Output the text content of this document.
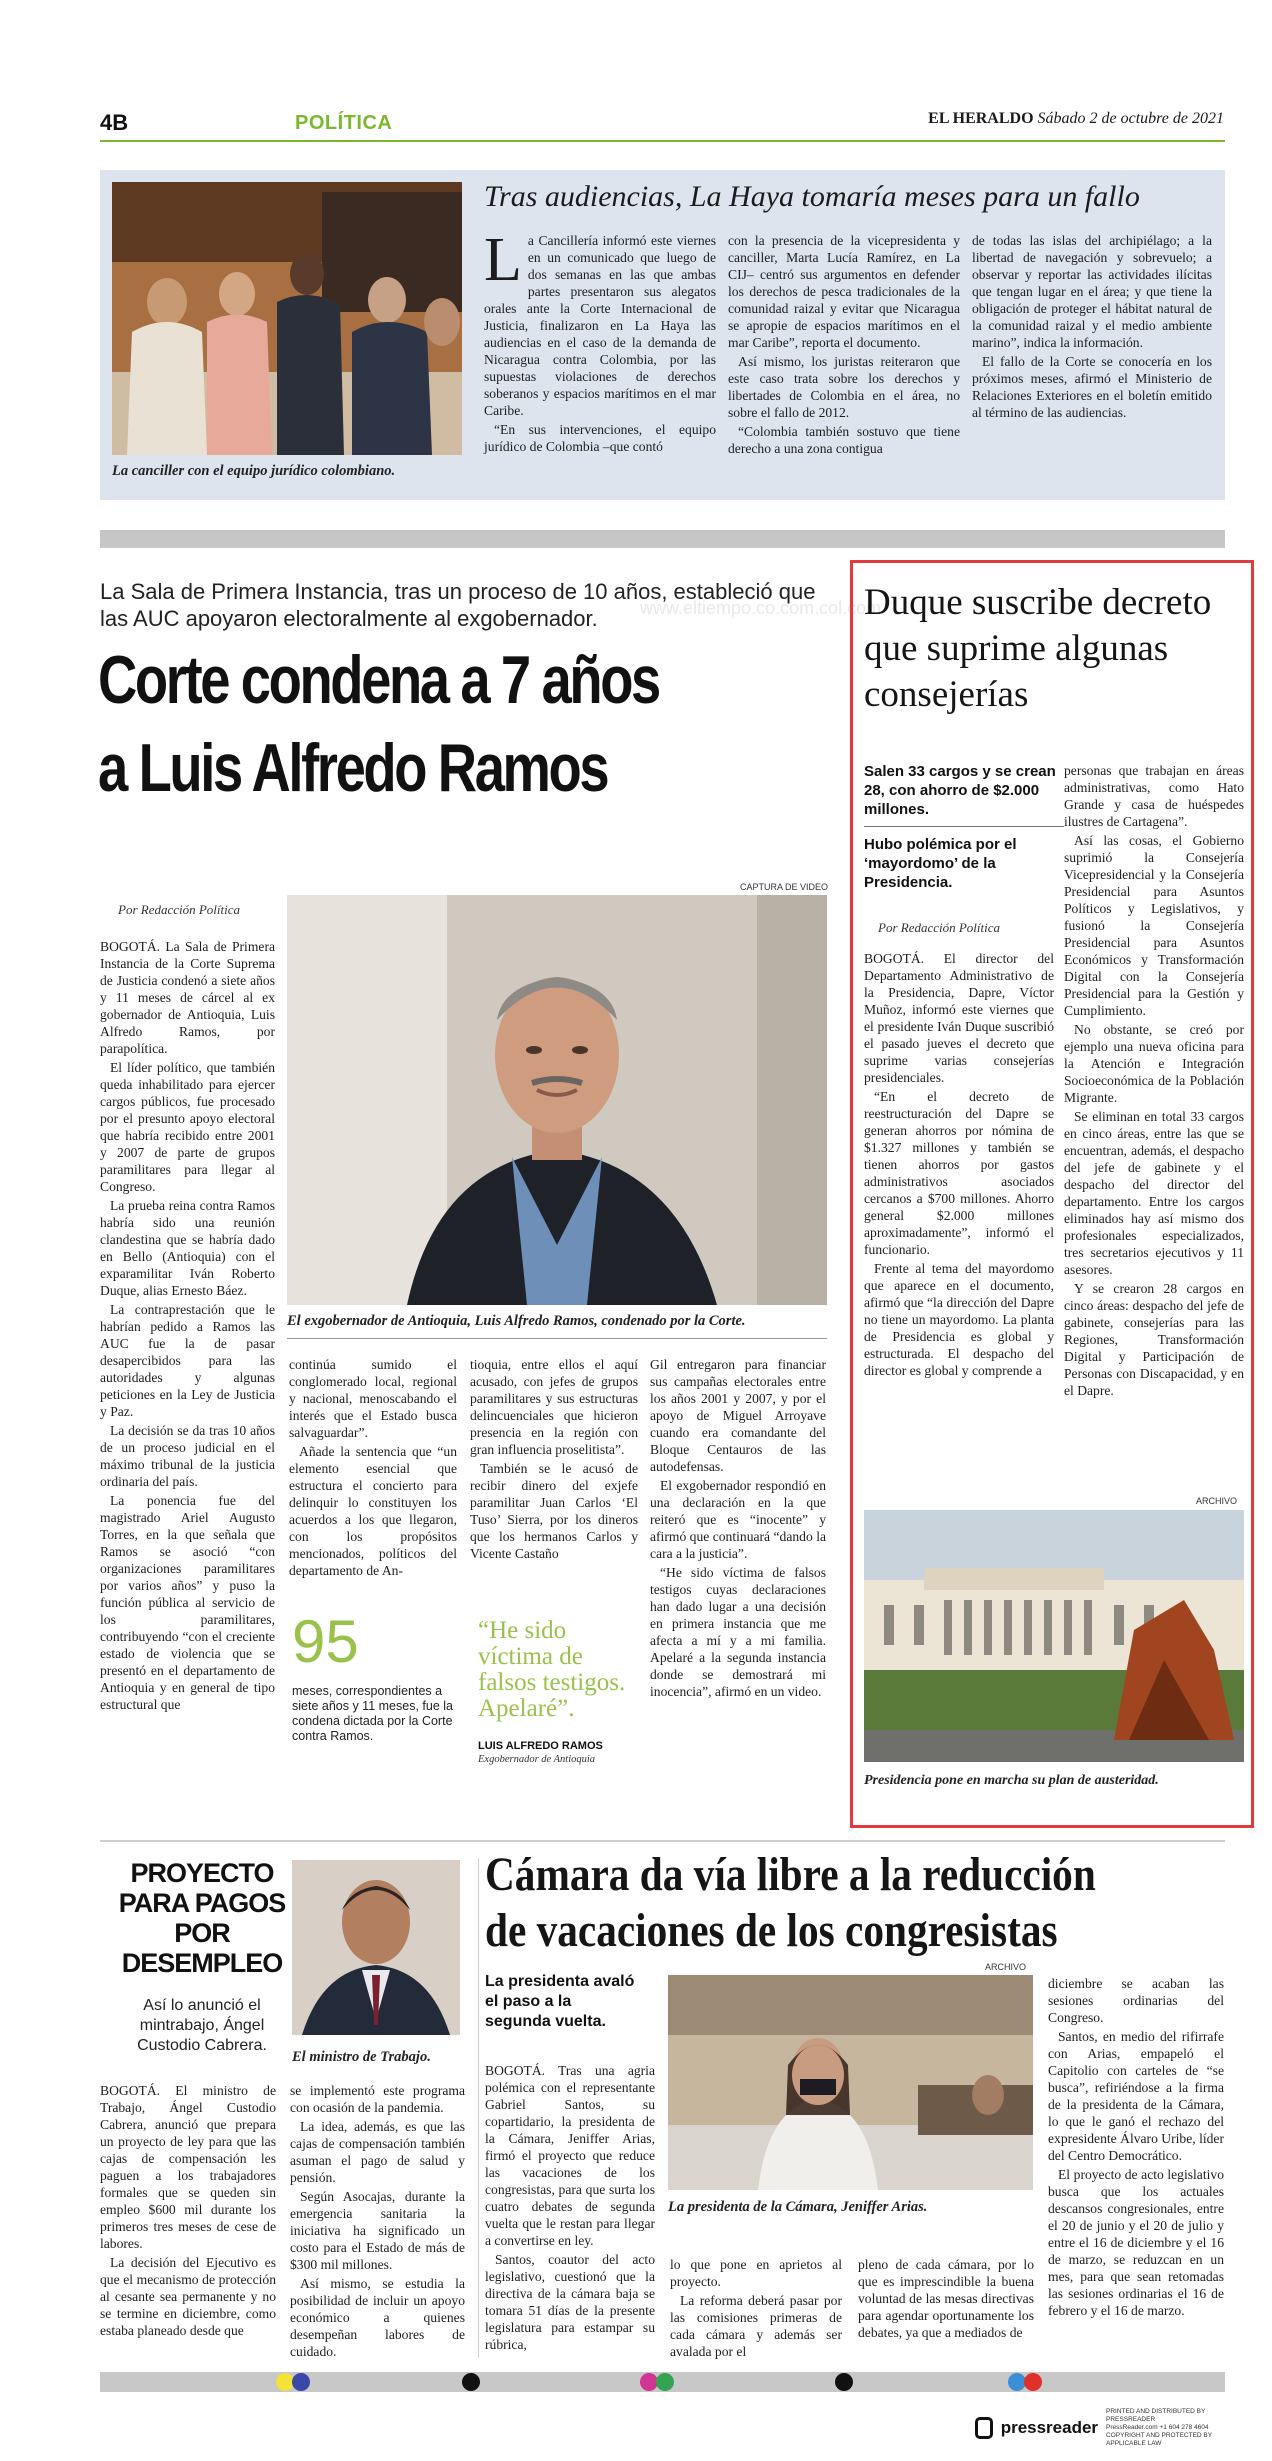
4B	POLÍTICA	EL HERALDO Sábado 2 de octubre de 2021
La canciller con el equipo jurídico colombiano.
Tras audiencias, La Haya tomaría meses para un fallo
L a Cancillería informó este viernes en un comunicado que luego de dos semanas en las que ambas partes presentaron sus alegatos orales ante la Corte Internacional de Justicia, finalizaron en La Haya las audiencias en el caso de la demanda de Nicaragua contra Colombia, por las supuestas violaciones de derechos soberanos y espacios marítimos en el mar Caribe.

“En sus intervenciones, el equipo jurídico de Colombia –que contó

con la presencia de la vicepresidenta y canciller, Marta Lucía Ramírez, en La CIJ– centró sus argumentos en defender los derechos de pesca tradicionales de la comunidad raizal y evitar que Nicaragua se apropie de espacios marítimos en el mar Caribe”, reporta el documento.

Así mismo, los juristas reiteraron que este caso trata sobre los derechos y libertades de Colombia en el área, no sobre el fallo de 2012.

“Colombia también sostuvo que tiene derecho a una zona contigua

de todas las islas del archipiélago; a la libertad de navegación y sobrevuelo; a observar y reportar las actividades ilícitas que tengan lugar en el área; y que tiene la obligación de proteger el hábitat natural de la comunidad raizal y el medio ambiente marino”, indica la información.

El fallo de la Corte se conocería en los próximos meses, afirmó el Ministerio de Relaciones Exteriores en el boletín emitido al término de las audiencias.

La Sala de Primera Instancia, tras un proceso de 10 años, estableció que las AUC apoyaron electoralmente al exgobernador.
Corte condena a 7 años
a Luis Alfredo Ramos
Por Redacción Política
CAPTURA DE VIDEO
El exgobernador de Antioquia, Luis Alfredo Ramos, condenado por la Corte.

BOGOTÁ. La Sala de Primera Instancia de la Corte Suprema de Justicia condenó a siete años y 11 meses de cárcel al ex gobernador de Antioquia, Luis Alfredo Ramos, por parapolítica.

El líder político, que también queda inhabilitado para ejercer cargos públicos, fue procesado por el presunto apoyo electoral que habría recibido entre 2001 y 2007 de parte de grupos paramilitares para llegar al Congreso.

La prueba reina contra Ramos habría sido una reunión clandestina que se habría dado en Bello (Antioquia) con el exparamilitar Iván Roberto Duque, alias Ernesto Báez.

La contraprestación que le habrían pedido a Ramos las AUC fue la de pasar desapercibidos para las autoridades y algunas peticiones en la Ley de Justicia y Paz.

La decisión se da tras 10 años de un proceso judicial en el máximo tribunal de la justicia ordinaria del país.

La ponencia fue del magistrado Ariel Augusto Torres, en la que señala que Ramos se asoció “con organizaciones paramilitares por varios años” y puso la función pública al servicio de los paramilitares, contribuyendo “con el creciente estado de violencia que se presentó en el departamento de Antioquia y en general de tipo estructural que

continúa sumido el conglomerado local, regional y nacional, menoscabando el interés que el Estado busca salvaguardar”.

Añade la sentencia que “un elemento esencial que estructura el concierto para delinquir lo constituyen los acuerdos a los que llegaron, con los propósitos mencionados, políticos del departamento de An-

tioquia, entre ellos el aquí acusado, con jefes de grupos paramilitares y sus estructuras delincuenciales que hicieron presencia en la región con gran influencia proselitista”.

También se le acusó de recibir dinero del exjefe paramilitar Juan Carlos ‘El Tuso’ Sierra, por los dineros que los hermanos Carlos y Vicente Castaño

Gil entregaron para financiar sus campañas electorales entre los años 2001 y 2007, y por el apoyo de Miguel Arroyave cuando era comandante del Bloque Centauros de las autodefensas.

El exgobernador respondió en una declaración en la que reiteró que es “inocente” y afirmó que continuará “dando la cara a la justicia”.

“He sido víctima de falsos testigos cuyas declaraciones han dado lugar a una decisión en primera instancia que me afecta a mí y a mi familia. Apelaré a la segunda instancia donde se demostrará mi inocencia”, afirmó en un video.

95
meses, correspondientes a siete años y 11 meses, fue la condena dictada por la Corte contra Ramos.
“He sido víctima de falsos testigos. Apelaré”.
LUIS ALFREDO RAMOS
Exgobernador de Antioquia
www.eltiempo.co.com.col.com
Duque suscribe decreto que suprime algunas consejerías
Salen 33 cargos y se crean 28, con ahorro de $2.000 millones.
Hubo polémica por el ‘mayordomo’ de la Presidencia.
Por Redacción Política

BOGOTÁ. El director del Departamento Administrativo de la Presidencia, Dapre, Víctor Muñoz, informó este viernes que el presidente Iván Duque suscribió el pasado jueves el decreto que suprime varias consejerías presidenciales.

“En el decreto de reestructuración del Dapre se generan ahorros por nómina de $1.327 millones y también se tienen ahorros por gastos administrativos asociados cercanos a $700 millones. Ahorro general $2.000 millones aproximadamente”, informó el funcionario.

Frente al tema del mayordomo que aparece en el documento, afirmó que “la dirección del Dapre no tiene un mayordomo. La planta de Presidencia es global y estructurada. El despacho del director es global y comprende a

personas que trabajan en áreas administrativas, como Hato Grande y casa de huéspedes ilustres de Cartagena”.

Así las cosas, el Gobierno suprimió la Consejería Vicepresidencial y la Consejería Presidencial para Asuntos Políticos y Legislativos, y fusionó la Consejería Presidencial para Asuntos Económicos y Transformación Digital con la Consejería Presidencial para la Gestión y Cumplimiento.

No obstante, se creó por ejemplo una nueva oficina para la Atención e Integración Socioeconómica de la Población Migrante.

Se eliminan en total 33 cargos en cinco áreas, entre las que se encuentran, además, el despacho del jefe de gabinete y el despacho del director del departamento. Entre los cargos eliminados hay así mismo dos profesionales especializados, tres secretarios ejecutivos y 11 asesores.

Y se crearon 28 cargos en cinco áreas: despacho del jefe de gabinete, consejerías para las Regiones, Transformación Digital y Participación de Personas con Discapacidad, y en el Dapre.

ARCHIVO
Presidencia pone en marcha su plan de austeridad.
PROYECTO PARA PAGOS POR DESEMPLEO
Así lo anunció el mintrabajo, Ángel Custodio Cabrera.
El ministro de Trabajo.

BOGOTÁ. El ministro de Trabajo, Ángel Custodio Cabrera, anunció que prepara un proyecto de ley para que las cajas de compensación les paguen a los trabajadores formales que se queden sin empleo $600 mil durante los primeros tres meses de cese de labores.

La decisión del Ejecutivo es que el mecanismo de protección al cesante sea permanente y no se termine en diciembre, como estaba planeado desde que

se implementó este programa con ocasión de la pandemia.

La idea, además, es que las cajas de compensación también asuman el pago de salud y pensión.

Según Asocajas, durante la emergencia sanitaria la iniciativa ha significado un costo para el Estado de más de $300 mil millones.

Así mismo, se estudia la posibilidad de incluir un apoyo económico a quienes desempeñan labores de cuidado.

Cámara da vía libre a la reducción
de vacaciones de los congresistas
La presidenta avaló el paso a la segunda vuelta.
ARCHIVO
La presidenta de la Cámara, Jeniffer Arias.

BOGOTÁ. Tras una agria polémica con el representante Gabriel Santos, su copartidario, la presidenta de la Cámara, Jeniffer Arias, firmó el proyecto que reduce las vacaciones de los congresistas, para que surta los cuatro debates de segunda vuelta que le restan para llegar a convertirse en ley.

Santos, coautor del acto legislativo, cuestionó que la directiva de la cámara baja se tomara 51 días de la presente legislatura para estampar su rúbrica,

lo que pone en aprietos al proyecto.

La reforma deberá pasar por las comisiones primeras de cada cámara y además ser avalada por el

pleno de cada cámara, por lo que es imprescindible la buena voluntad de las mesas directivas para agendar oportunamente los debates, ya que a mediados de

diciembre se acaban las sesiones ordinarias del Congreso.

Santos, en medio del rifirrafe con Arias, empapeló el Capitolio con carteles de “se busca”, refiriéndose a la firma de la presidenta de la Cámara, lo que le ganó el rechazo del expresidente Álvaro Uribe, líder del Centro Democrático.

El proyecto de acto legislativo busca que los actuales descansos congresionales, entre el 20 de junio y el 20 de julio y entre el 16 de diciembre y el 16 de marzo, se reduzcan en un mes, para que sean retomadas las sesiones ordinarias el 16 de febrero y el 16 de marzo.

pressreader
PRINTED AND DISTRIBUTED BY PRESSREADER
PressReader.com +1 604 278 4604
COPYRIGHT AND PROTECTED BY APPLICABLE LAW
